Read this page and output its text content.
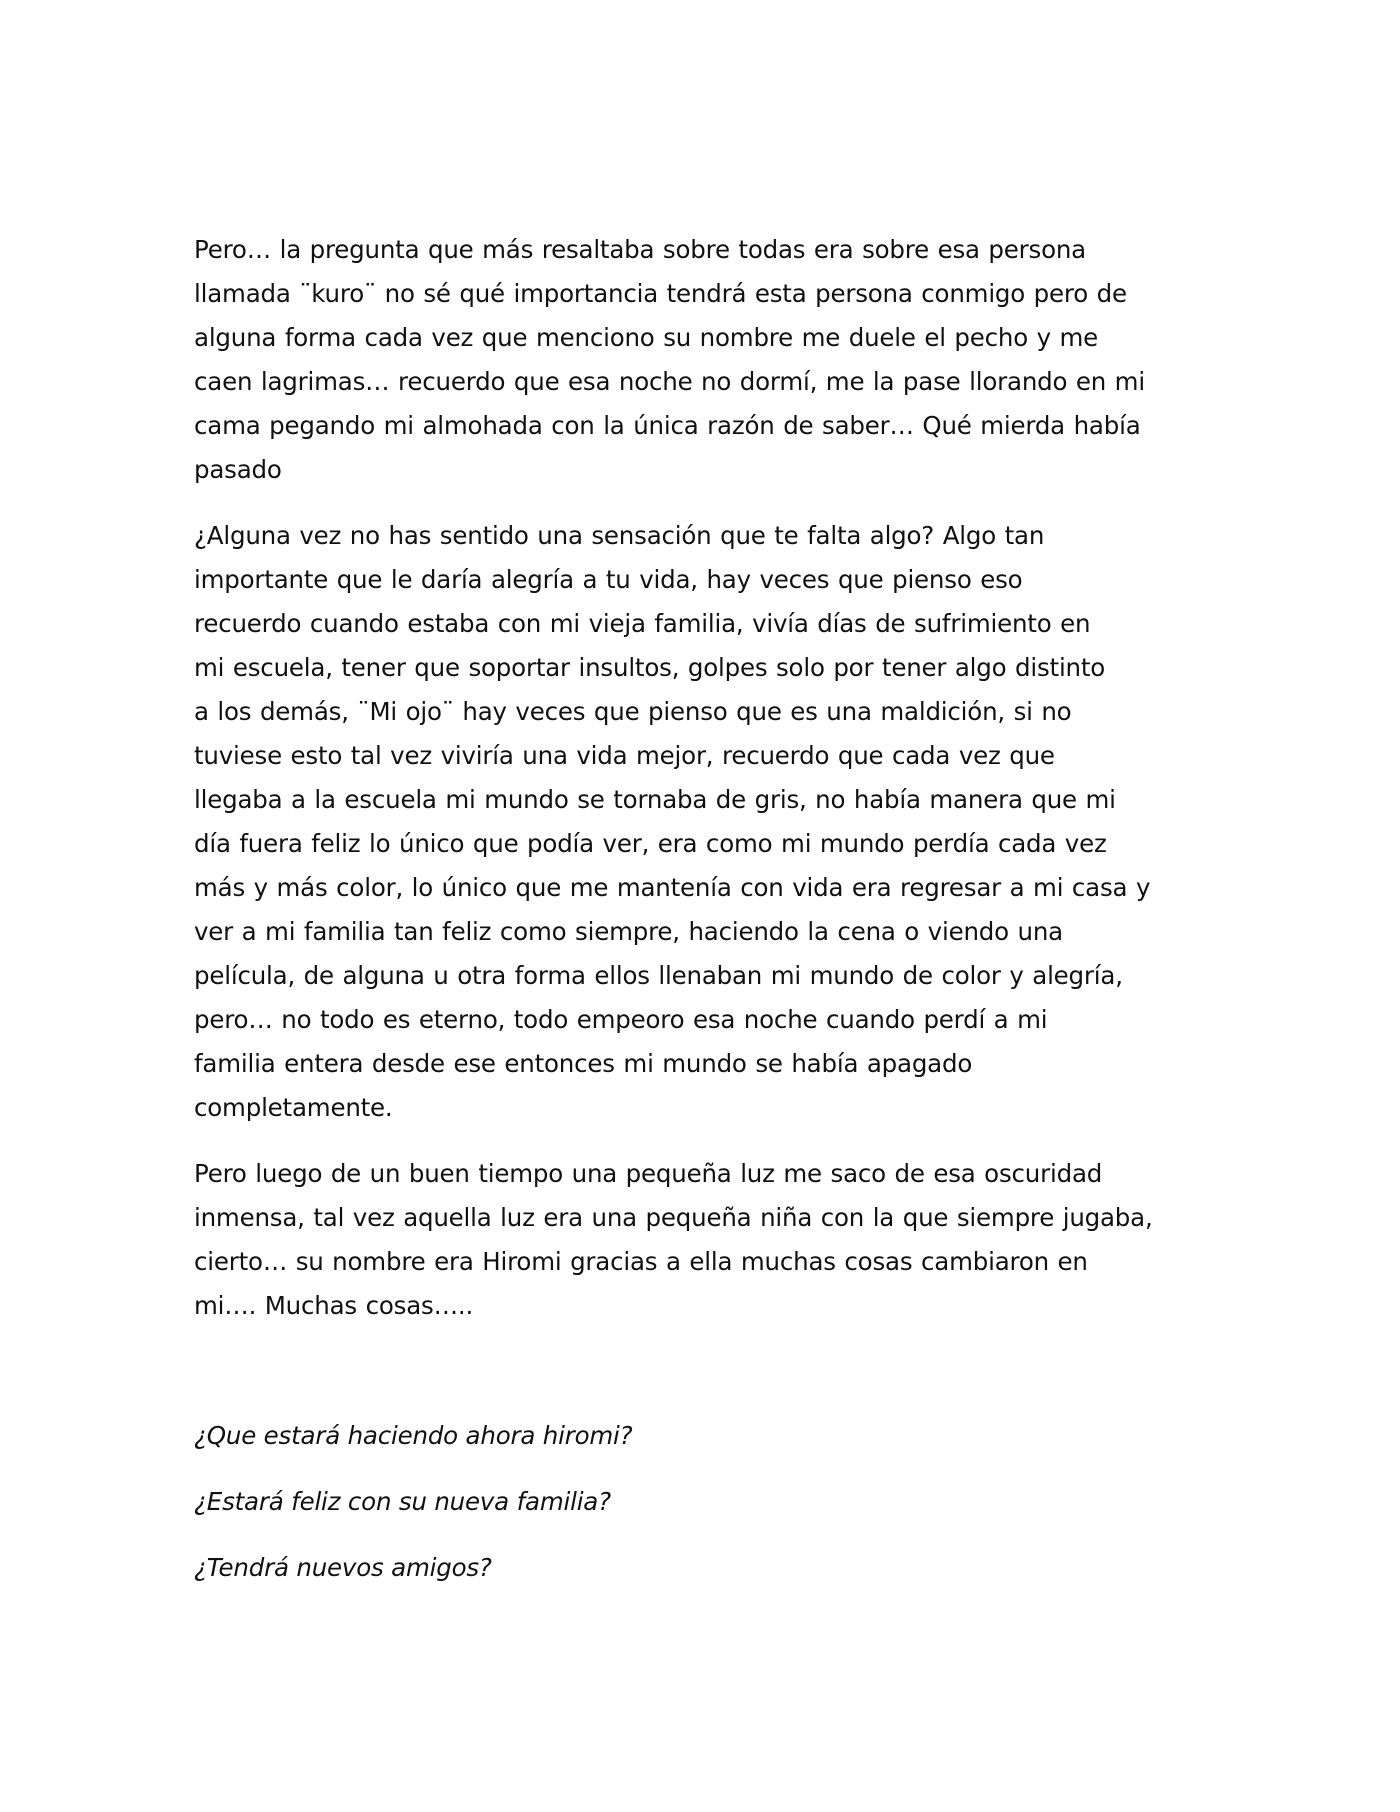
Pero… la pregunta que más resaltaba sobre todas era sobre esa persona
llamada ¨kuro¨ no sé qué importancia tendrá esta persona conmigo pero de
alguna forma cada vez que menciono su nombre me duele el pecho y me
caen lagrimas… recuerdo que esa noche no dormí, me la pase llorando en mi
cama pegando mi almohada con la única razón de saber… Qué mierda había
pasado

¿Alguna vez no has sentido una sensación que te falta algo? Algo tan
importante que le daría alegría a tu vida, hay veces que pienso eso
recuerdo cuando estaba con mi vieja familia, vivía días de sufrimiento en
mi escuela, tener que soportar insultos, golpes solo por tener algo distinto
a los demás, ¨Mi ojo¨ hay veces que pienso que es una maldición, si no
tuviese esto tal vez viviría una vida mejor, recuerdo que cada vez que
llegaba a la escuela mi mundo se tornaba de gris, no había manera que mi
día fuera feliz lo único que podía ver, era como mi mundo perdía cada vez
más y más color, lo único que me mantenía con vida era regresar a mi casa y
ver a mi familia tan feliz como siempre, haciendo la cena o viendo una
película, de alguna u otra forma ellos llenaban mi mundo de color y alegría,
pero… no todo es eterno, todo empeoro esa noche cuando perdí a mi
familia entera desde ese entonces mi mundo se había apagado
completamente.

Pero luego de un buen tiempo una pequeña luz me saco de esa oscuridad
inmensa, tal vez aquella luz era una pequeña niña con la que siempre jugaba,
cierto… su nombre era Hiromi gracias a ella muchas cosas cambiaron en
mi…. Muchas cosas…..

¿Que estará haciendo ahora hiromi?

¿Estará feliz con su nueva familia?

¿Tendrá nuevos amigos?
